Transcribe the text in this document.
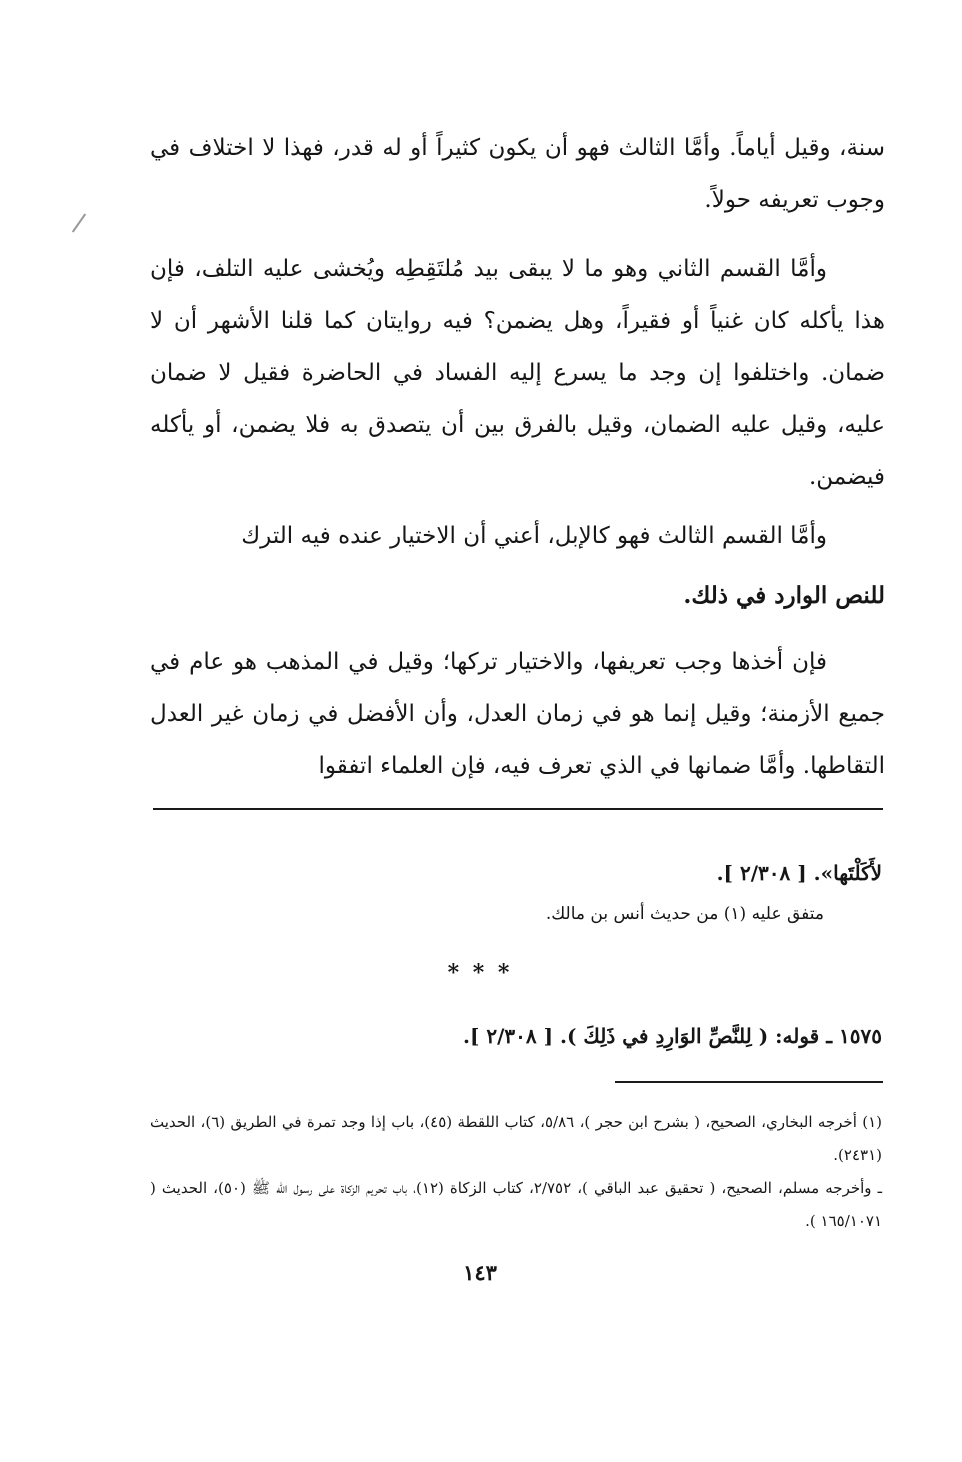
سنة، وقيل أياماً. وأمَّا الثالث فهو أن يكون كثيراً أو له قدر، فهذا لا اختلاف في وجوب تعريفه حولاً.
وأمَّا القسم الثاني وهو ما لا يبقى بيد مُلتَقِطِه ويُخشى عليه التلف، فإن هذا يأكله كان غنياً أو فقيراً، وهل يضمن؟ فيه روايتان كما قلنا الأشهر أن لا ضمان. واختلفوا إن وجد ما يسرع إليه الفساد في الحاضرة فقيل لا ضمان عليه، وقيل عليه الضمان، وقيل بالفرق بين أن يتصدق به فلا يضمن، أو يأكله فيضمن.
وأمَّا القسم الثالث فهو كالإبل، أعني أن الاختيار عنده فيه الترك
للنص الوارد في ذلك.
فإن أخذها وجب تعريفها، والاختيار تركها؛ وقيل في المذهب هو عام في جميع الأزمنة؛ وقيل إنما هو في زمان العدل، وأن الأفضل في زمان غير العدل التقاطها. وأمَّا ضمانها في الذي تعرف فيه، فإن العلماء اتفقوا
لأَكَلْتَها». [ ٢/٣٠٨ ].
متفق عليه (١) من حديث أنس بن مالك.
* * *
١٥٧٥ ـ قوله: ( لِلنَّصِّ الوَارِدِ في ذَلِكَ ). [ ٢/٣٠٨ ].
(١) أخرجه البخاري، الصحيح، ( بشرح ابن حجر )، ٥/٨٦، كتاب اللقطة (٤٥)، باب إذا وجد تمرة في الطريق (٦)، الحديث (٢٤٣١).
ـ وأخرجه مسلم، الصحيح، ( تحقيق عبد الباقي )، ٢/٧٥٢، كتاب الزكاة (١٢)، باب تحريم الزكاة على رسول الله ﷺ (٥٠)، الحديث ( ١٦٥/١٠٧١ ).
١٤٣
